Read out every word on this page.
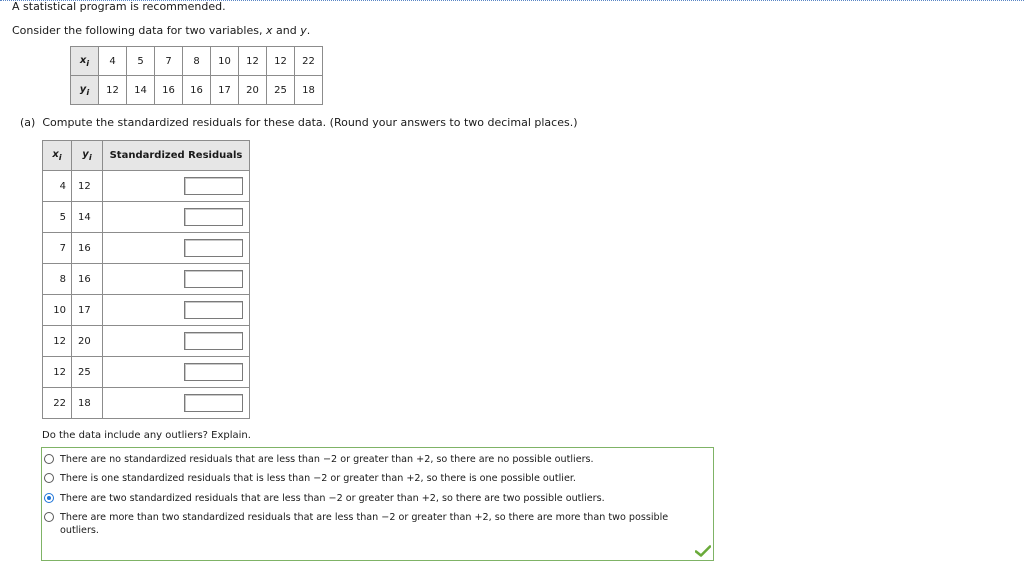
A statistical program is recommended.
Consider the following data for two variables, x and y.
$x_i$	4	5	7	8	10	12	12	22
$y_i$	12	14	16	16	17	20	25	18
(a) Compute the standardized residuals for these data. (Round your answers to two decimal places.)
$x_i$	$y_i$	Standardized Residuals
4	12	
5	14	
7	16	
8	16	
10	17	
12	20	
12	25	
22	18	
Do the data include any outliers? Explain.
There are no standardized residuals that are less than −2 or greater than +2, so there are no possible outliers.
There is one standardized residuals that is less than −2 or greater than +2, so there is one possible outlier.
There are two standardized residuals that are less than −2 or greater than +2, so there are two possible outliers.
There are more than two standardized residuals that are less than −2 or greater than +2, so there are more than two possible outliers.
